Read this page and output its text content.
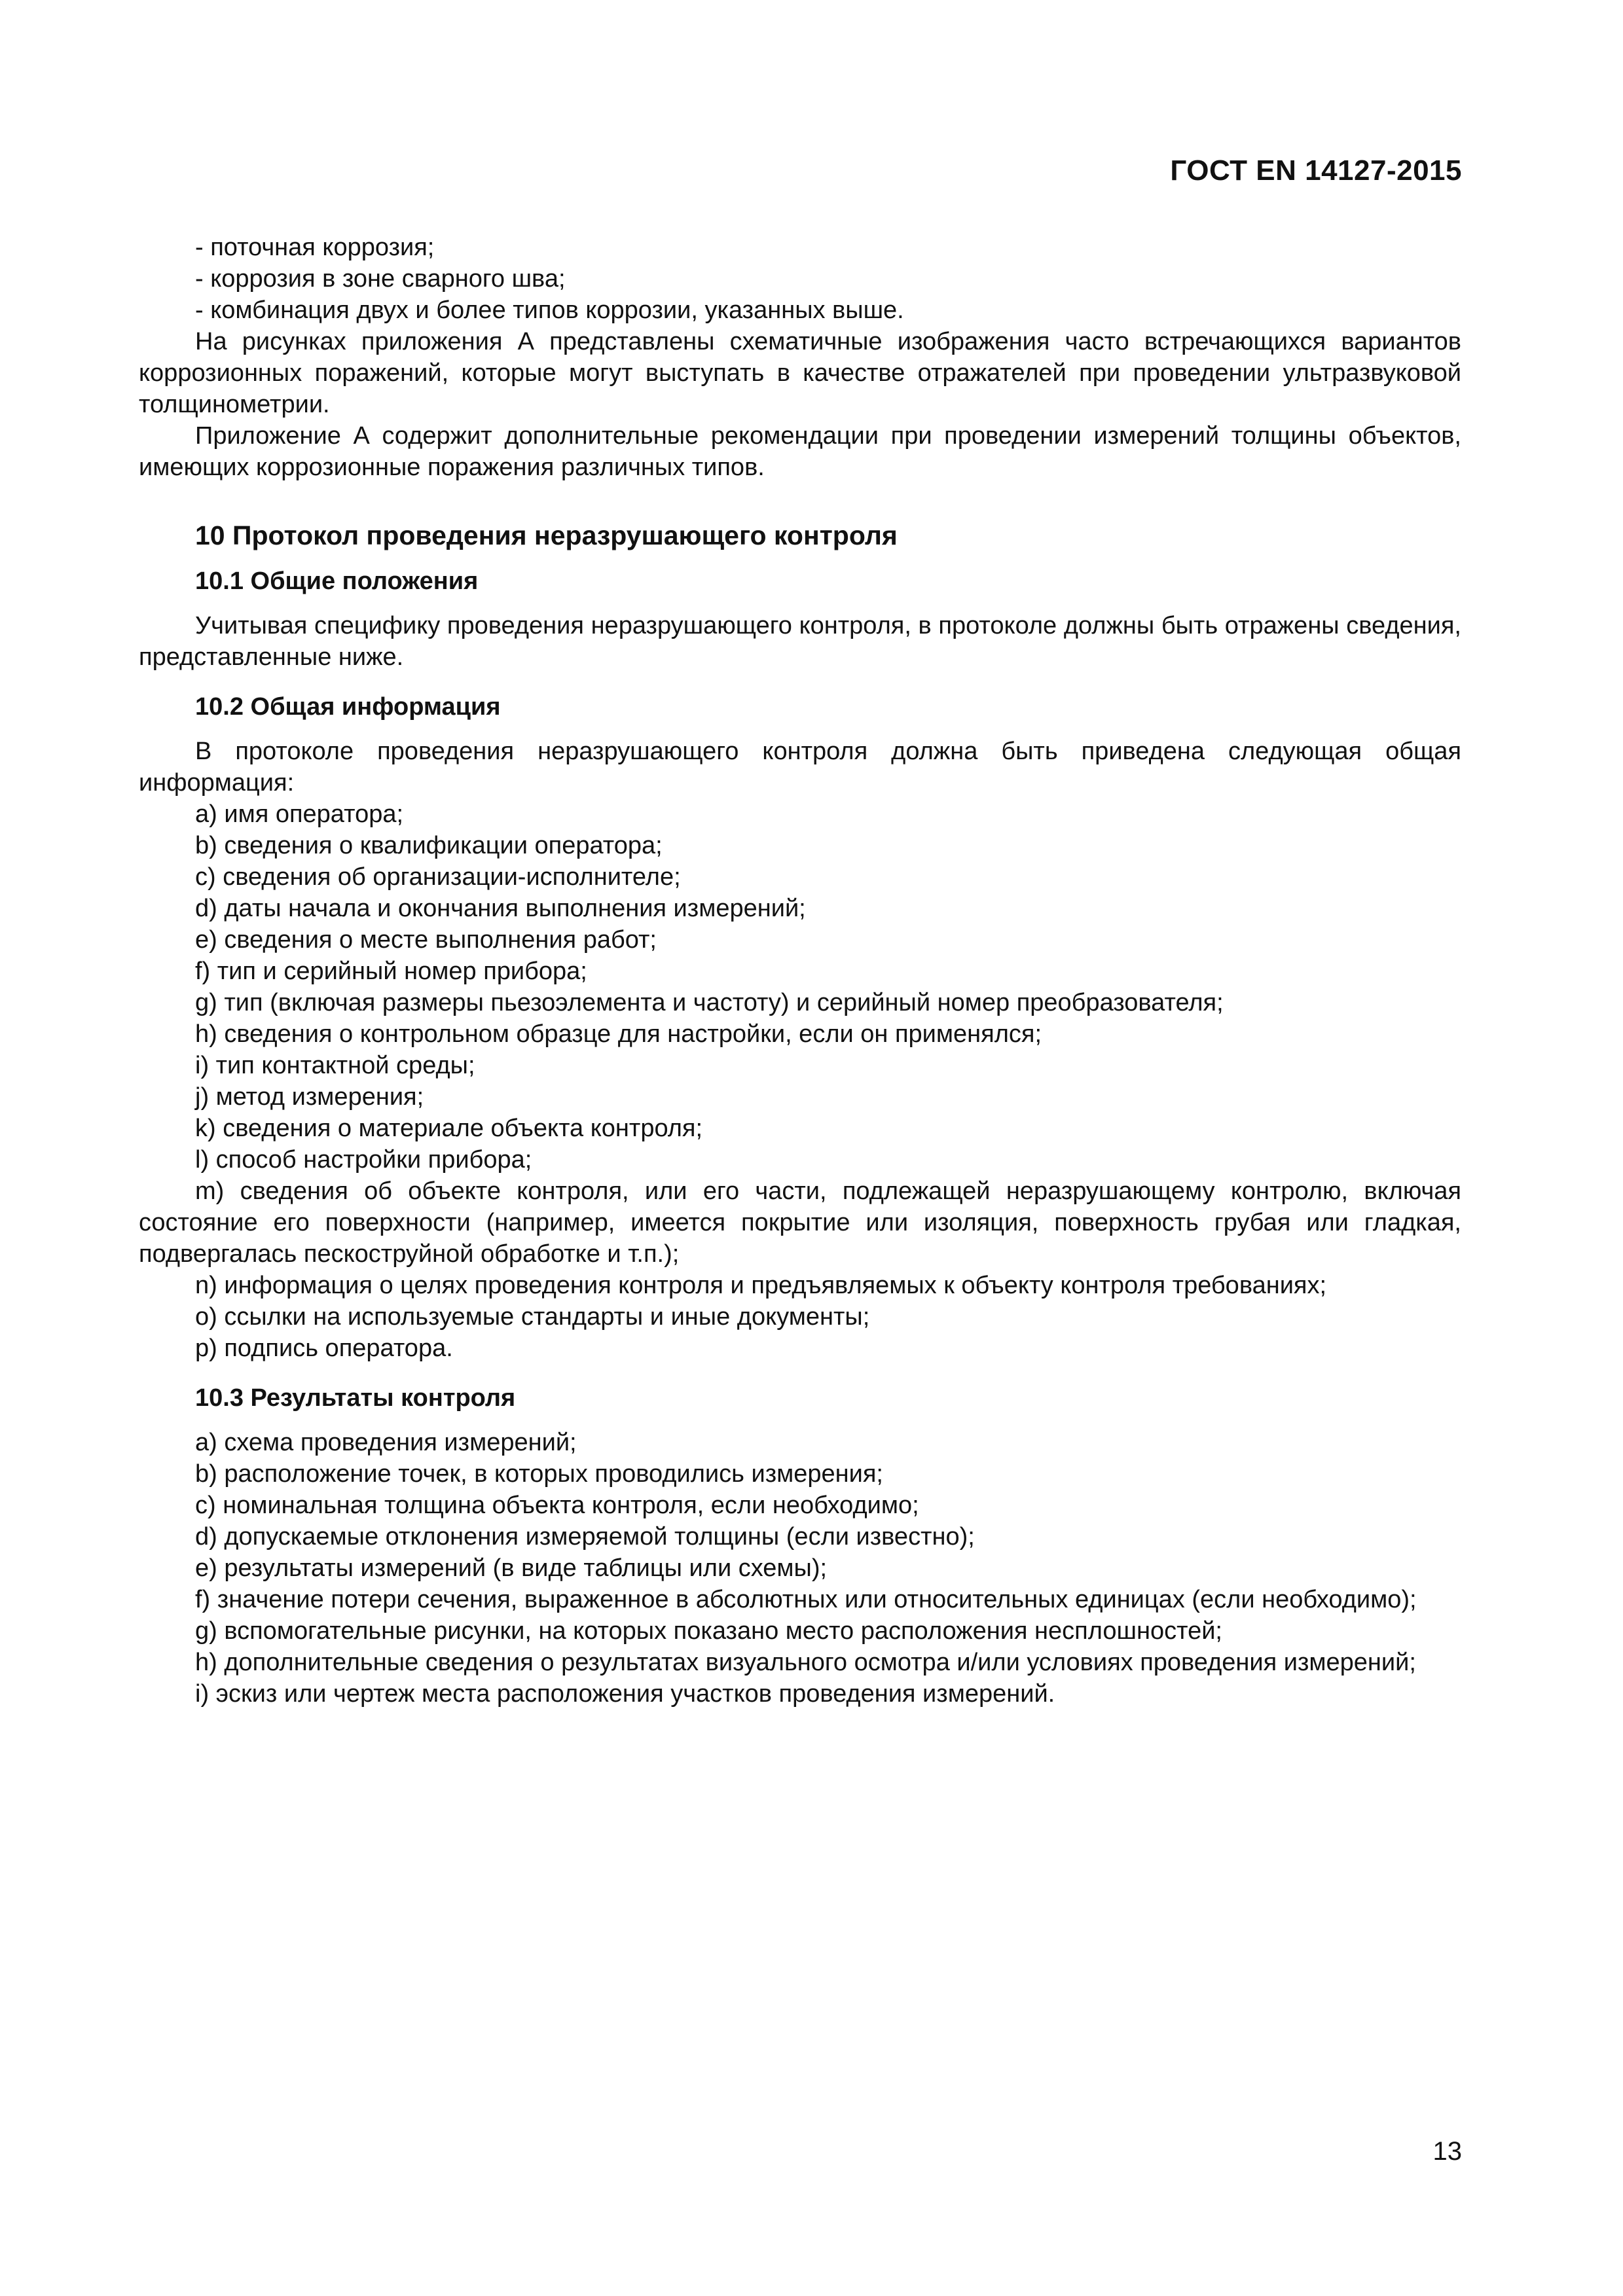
ГОСТ EN 14127-2015

- поточная коррозия;

- коррозия в зоне сварного шва;

- комбинация двух и более типов коррозии, указанных выше.

На рисунках приложения А представлены схематичные изображения часто встречающихся вариантов коррозионных поражений, которые могут выступать в качестве отражателей при проведении ультразвуковой толщинометрии.

Приложение А содержит дополнительные рекомендации при проведении измерений толщины объектов, имеющих коррозионные поражения различных типов.

10 Протокол проведения неразрушающего контроля
10.1 Общие положения

Учитывая специфику проведения неразрушающего контроля, в протоколе должны быть отражены сведения, представленные ниже.

10.2 Общая информация

В протоколе проведения неразрушающего контроля должна быть приведена следующая общая информация:

a) имя оператора;

b) сведения о квалификации оператора;

c) сведения об организации-исполнителе;

d) даты начала и окончания выполнения измерений;

e) сведения о месте выполнения работ;

f) тип и серийный номер прибора;

g) тип (включая размеры пьезоэлемента и частоту) и серийный номер преобразователя;

h) сведения о контрольном образце для настройки, если он применялся;

i) тип контактной среды;

j) метод измерения;

k) сведения о материале объекта контроля;

l) способ настройки прибора;

m) сведения об объекте контроля, или его части, подлежащей неразрушающему контролю, включая состояние его поверхности (например, имеется покрытие или изоляция, поверхность грубая или гладкая, подвергалась пескоструйной обработке и т.п.);

n) информация о целях проведения контроля и предъявляемых к объекту контроля требованиях;

o) ссылки на используемые стандарты и иные документы;

p) подпись оператора.

10.3 Результаты контроля

a) схема проведения измерений;

b) расположение точек, в которых проводились измерения;

c) номинальная толщина объекта контроля, если необходимо;

d) допускаемые отклонения измеряемой толщины (если известно);

e) результаты измерений (в виде таблицы или схемы);

f) значение потери сечения, выраженное в абсолютных или относительных единицах (если необходимо);

g) вспомогательные рисунки, на которых показано место расположения несплошностей;

h) дополнительные сведения о результатах визуального осмотра и/или условиях проведения измерений;

i) эскиз или чертеж места расположения участков проведения измерений.

13
